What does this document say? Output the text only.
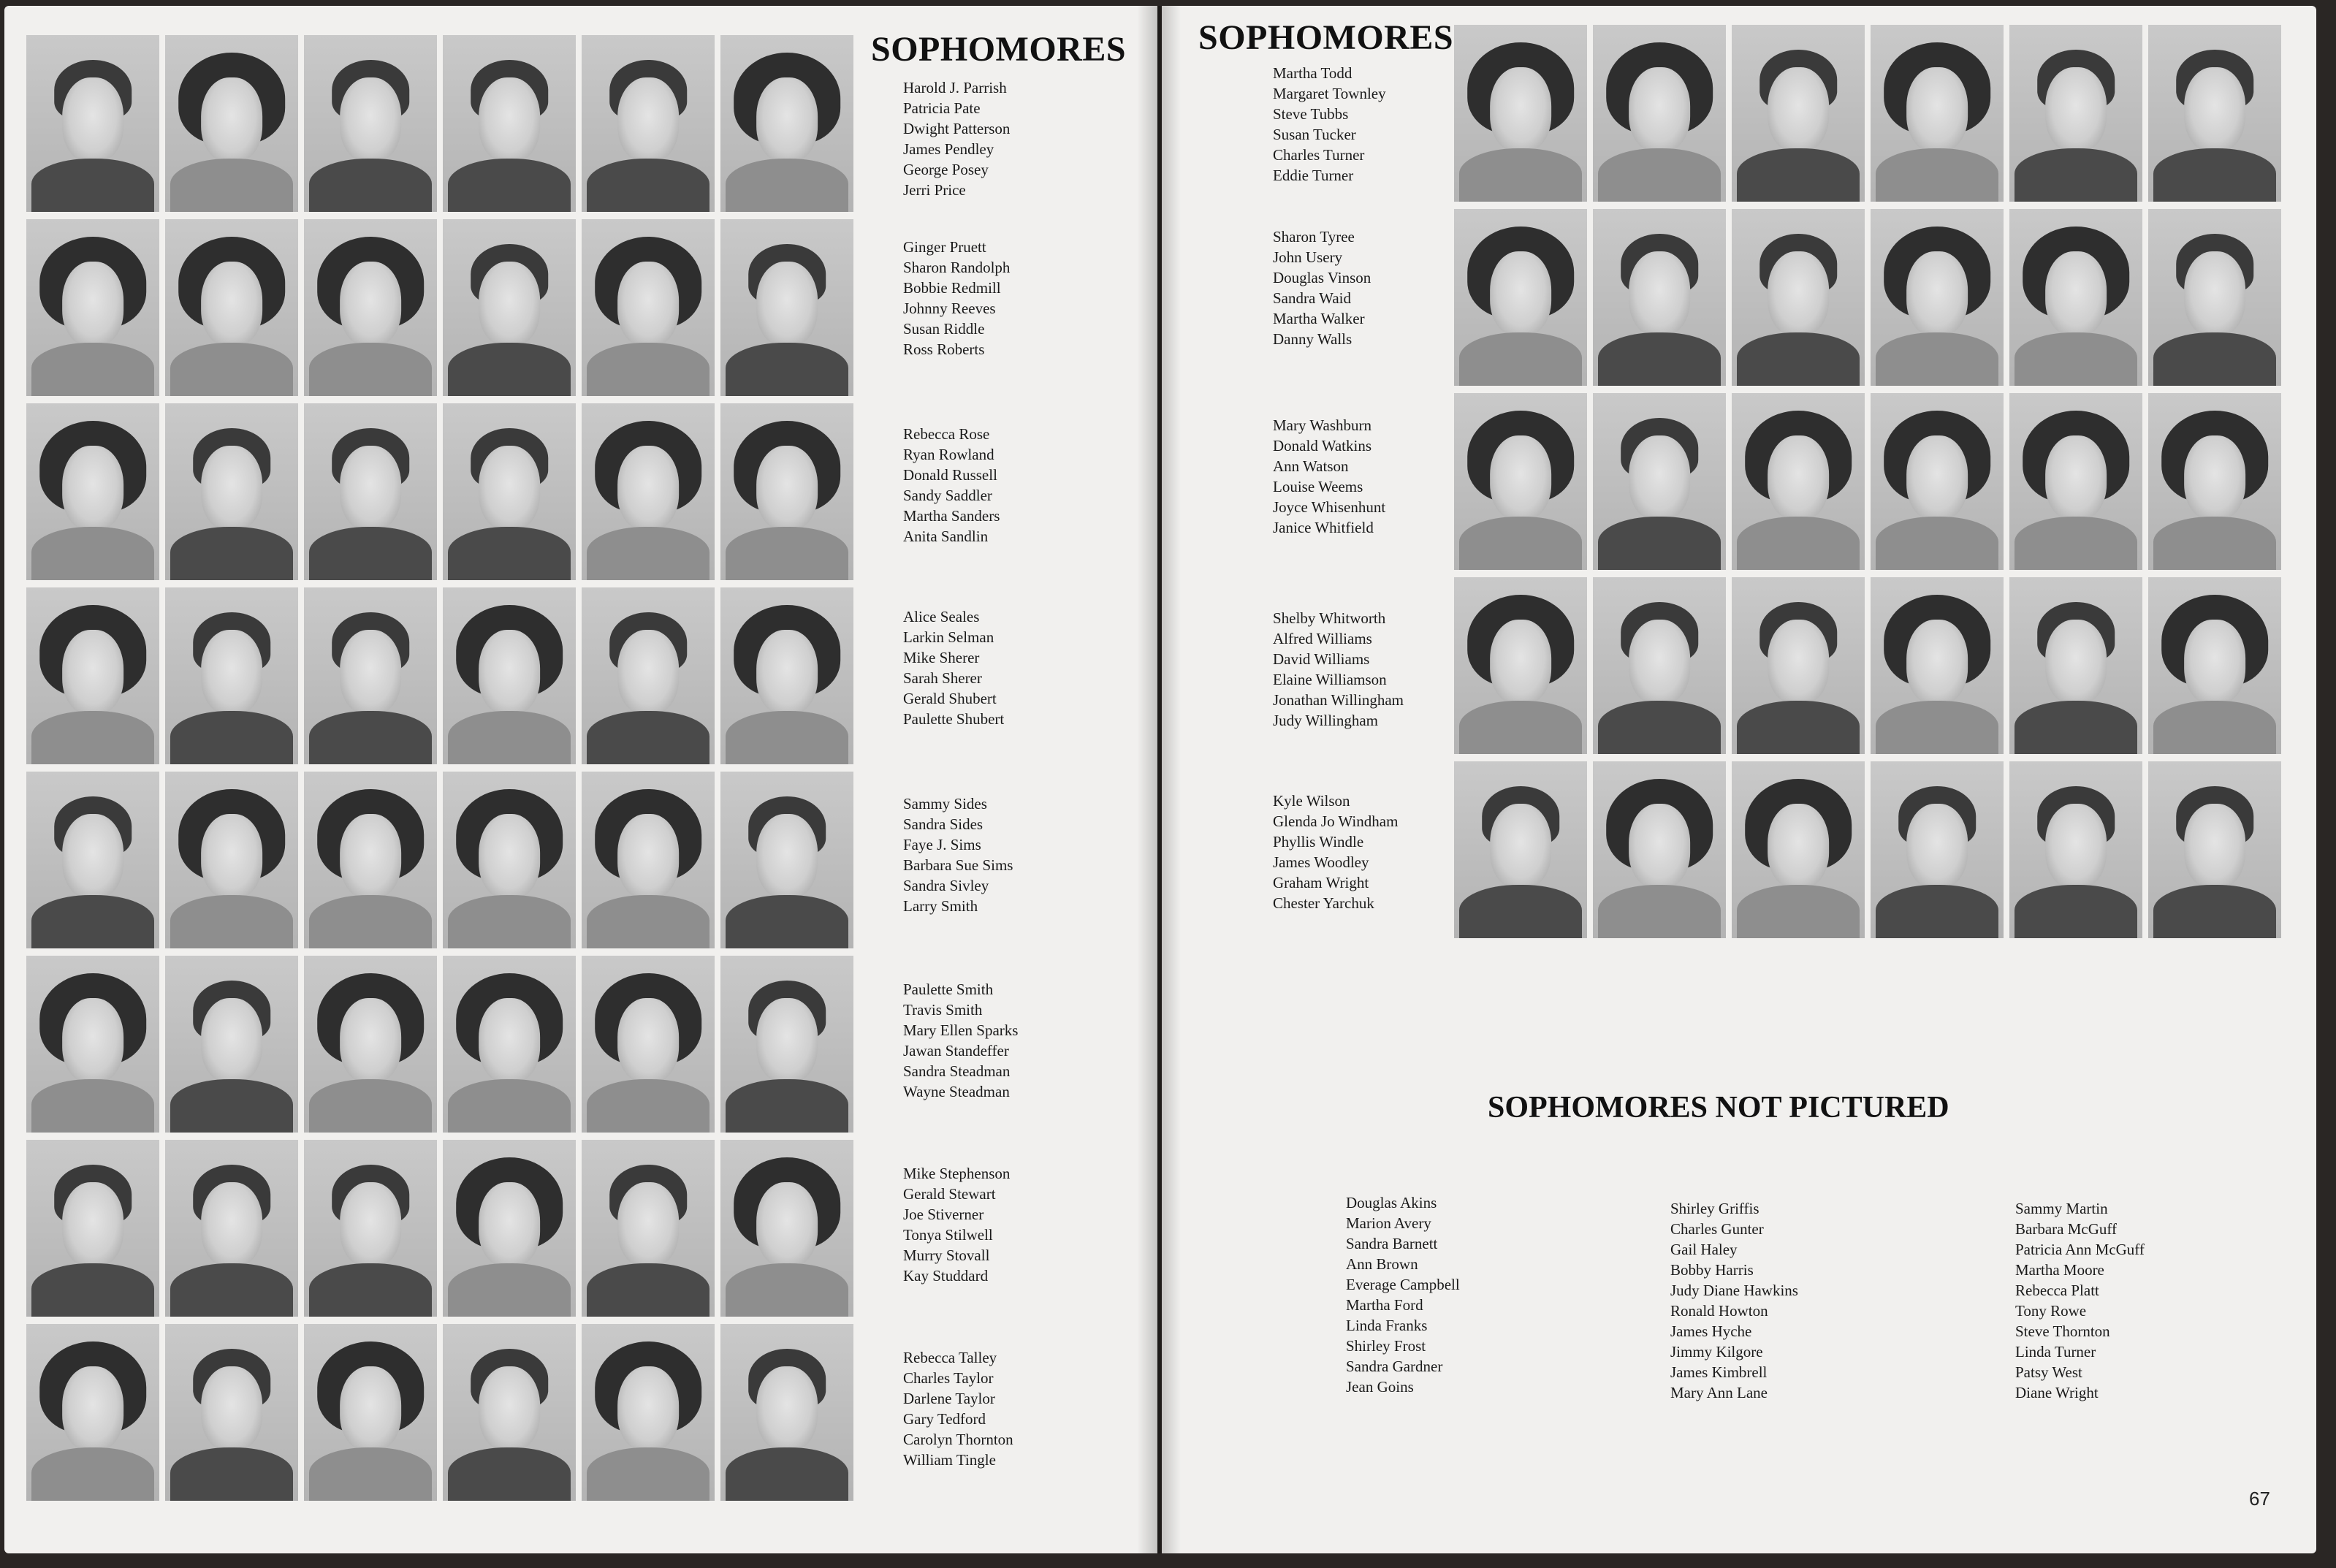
SOPHOMORES SOPHOMORES
Harold J. Parrish
Patricia Pate
Dwight Patterson
James Pendley
George Posey
Jerri Price
Ginger Pruett
Sharon Randolph
Bobbie Redmill
Johnny Reeves
Susan Riddle
Ross Roberts
Rebecca Rose
Ryan Rowland
Donald Russell
Sandy Saddler
Martha Sanders
Anita Sandlin
Alice Seales
Larkin Selman
Mike Sherer
Sarah Sherer
Gerald Shubert
Paulette Shubert
Sammy Sides
Sandra Sides
Faye J. Sims
Barbara Sue Sims
Sandra Sivley
Larry Smith
Paulette Smith
Travis Smith
Mary Ellen Sparks
Jawan Standeffer
Sandra Steadman
Wayne Steadman
Mike Stephenson
Gerald Stewart
Joe Stiverner
Tonya Stilwell
Murry Stovall
Kay Studdard
Rebecca Talley
Charles Taylor
Darlene Taylor
Gary Tedford
Carolyn Thornton
William Tingle
Martha Todd
Margaret Townley
Steve Tubbs
Susan Tucker
Charles Turner
Eddie Turner
Sharon Tyree
John Usery
Douglas Vinson
Sandra Waid
Martha Walker
Danny Walls
Mary Washburn
Donald Watkins
Ann Watson
Louise Weems
Joyce Whisenhunt
Janice Whitfield
Shelby Whitworth
Alfred Williams
David Williams
Elaine Williamson
Jonathan Willingham
Judy Willingham
Kyle Wilson
Glenda Jo Windham
Phyllis Windle
James Woodley
Graham Wright
Chester Yarchuk
SOPHOMORES NOT PICTURED
Douglas Akins
Marion Avery
Sandra Barnett
Ann Brown
Everage Campbell
Martha Ford
Linda Franks
Shirley Frost
Sandra Gardner
Jean Goins
Shirley Griffis
Charles Gunter
Gail Haley
Bobby Harris
Judy Diane Hawkins
Ronald Howton
James Hyche
Jimmy Kilgore
James Kimbrell
Mary Ann Lane
Sammy Martin
Barbara McGuff
Patricia Ann McGuff
Martha Moore
Rebecca Platt
Tony Rowe
Steve Thornton
Linda Turner
Patsy West
Diane Wright
67
